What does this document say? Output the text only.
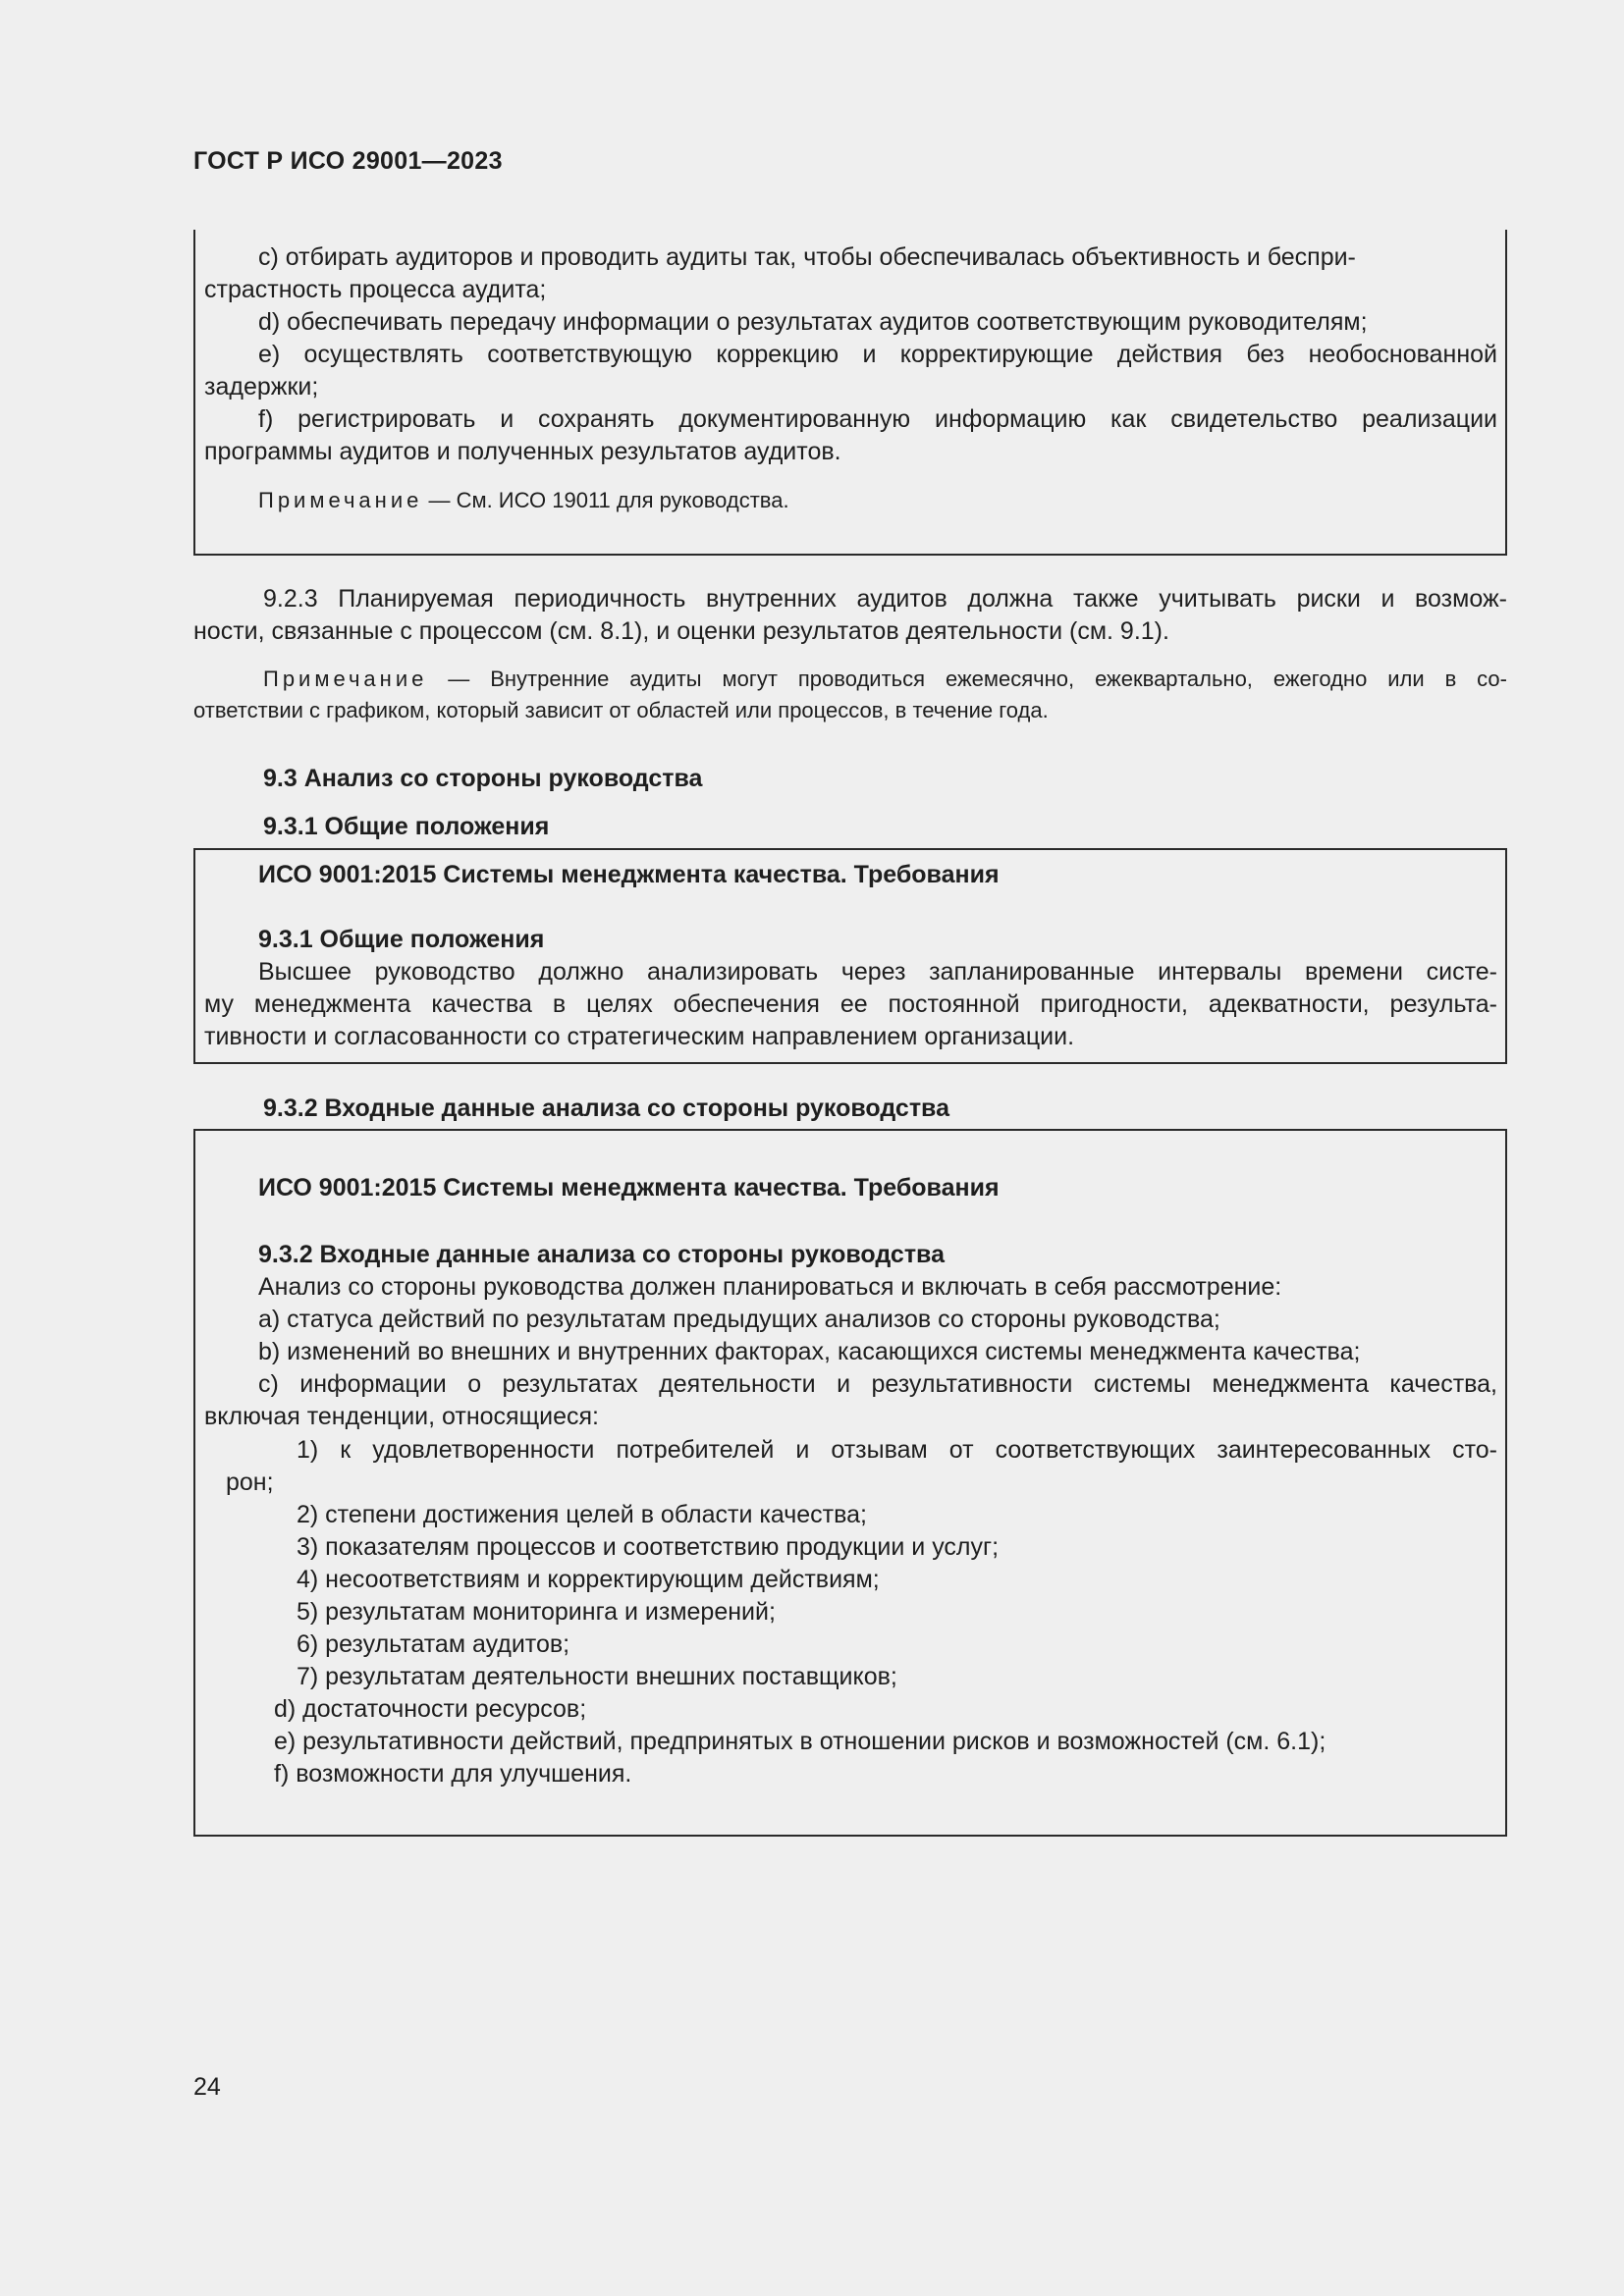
ГОСТ Р ИСО 29001—2023
c) отбирать аудиторов и проводить аудиты так, чтобы обеспечивалась объективность и беспри-
страстность процесса аудита;
d) обеспечивать передачу информации о результатах аудитов соответствующим руководителям;
e) осуществлять соответствующую коррекцию и корректирующие действия без необоснованной
задержки;
f) регистрировать и сохранять документированную информацию как свидетельство реализации
программы аудитов и полученных результатов аудитов.
Примечание — См. ИСО 19011 для руководства.
9.2.3 Планируемая периодичность внутренних аудитов должна также учитывать риски и возмож-
ности, связанные с процессом (см. 8.1), и оценки результатов деятельности (см. 9.1).
Примечание — Внутренние аудиты могут проводиться ежемесячно, ежеквартально, ежегодно или в со-
ответствии с графиком, который зависит от областей или процессов, в течение года.
9.3 Анализ со стороны руководства
9.3.1 Общие положения
ИСО 9001:2015 Системы менеджмента качества. Требования
9.3.1 Общие положения
Высшее руководство должно анализировать через запланированные интервалы времени систе-
му менеджмента качества в целях обеспечения ее постоянной пригодности, адекватности, результа-
тивности и согласованности со стратегическим направлением организации.
9.3.2 Входные данные анализа со стороны руководства
ИСО 9001:2015 Системы менеджмента качества. Требования
9.3.2 Входные данные анализа со стороны руководства
Анализ со стороны руководства должен планироваться и включать в себя рассмотрение:
a) статуса действий по результатам предыдущих анализов со стороны руководства;
b) изменений во внешних и внутренних факторах, касающихся системы менеджмента качества;
c) информации о результатах деятельности и результативности системы менеджмента качества,
включая тенденции, относящиеся:
1) к удовлетворенности потребителей и отзывам от соответствующих заинтересованных сто-
рон;
2) степени достижения целей в области качества;
3) показателям процессов и соответствию продукции и услуг;
4) несоответствиям и корректирующим действиям;
5) результатам мониторинга и измерений;
6) результатам аудитов;
7) результатам деятельности внешних поставщиков;
d) достаточности ресурсов;
e) результативности действий, предпринятых в отношении рисков и возможностей (см. 6.1);
f) возможности для улучшения.
24
